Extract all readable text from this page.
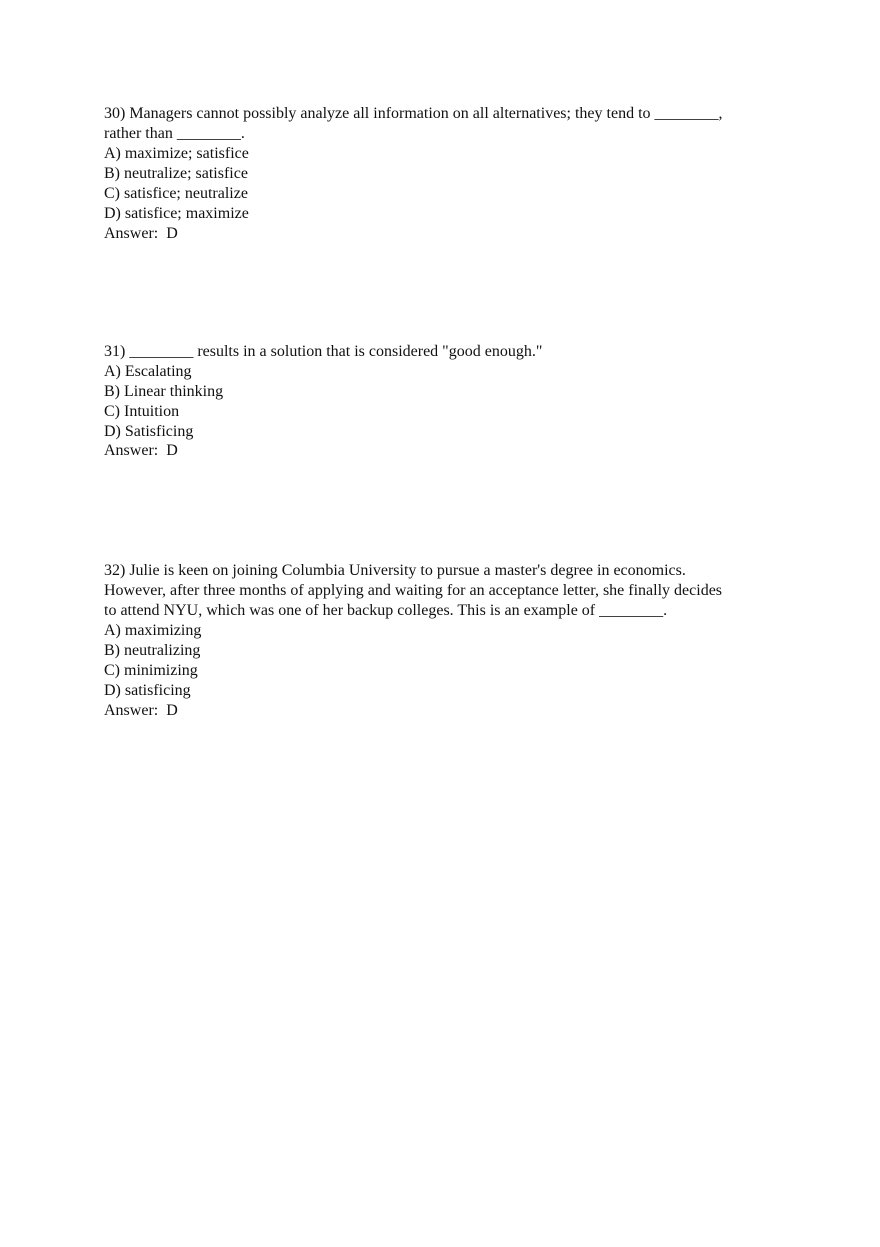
30) Managers cannot possibly analyze all information on all alternatives; they tend to ________,
rather than ________.
A) maximize; satisfice
B) neutralize; satisfice
C) satisfice; neutralize
D) satisfice; maximize
Answer:  D
31) ________ results in a solution that is considered "good enough."
A) Escalating
B) Linear thinking
C) Intuition
D) Satisficing
Answer:  D
32) Julie is keen on joining Columbia University to pursue a master's degree in economics.
However, after three months of applying and waiting for an acceptance letter, she finally decides
to attend NYU, which was one of her backup colleges. This is an example of ________.
A) maximizing
B) neutralizing
C) minimizing
D) satisficing
Answer:  D
